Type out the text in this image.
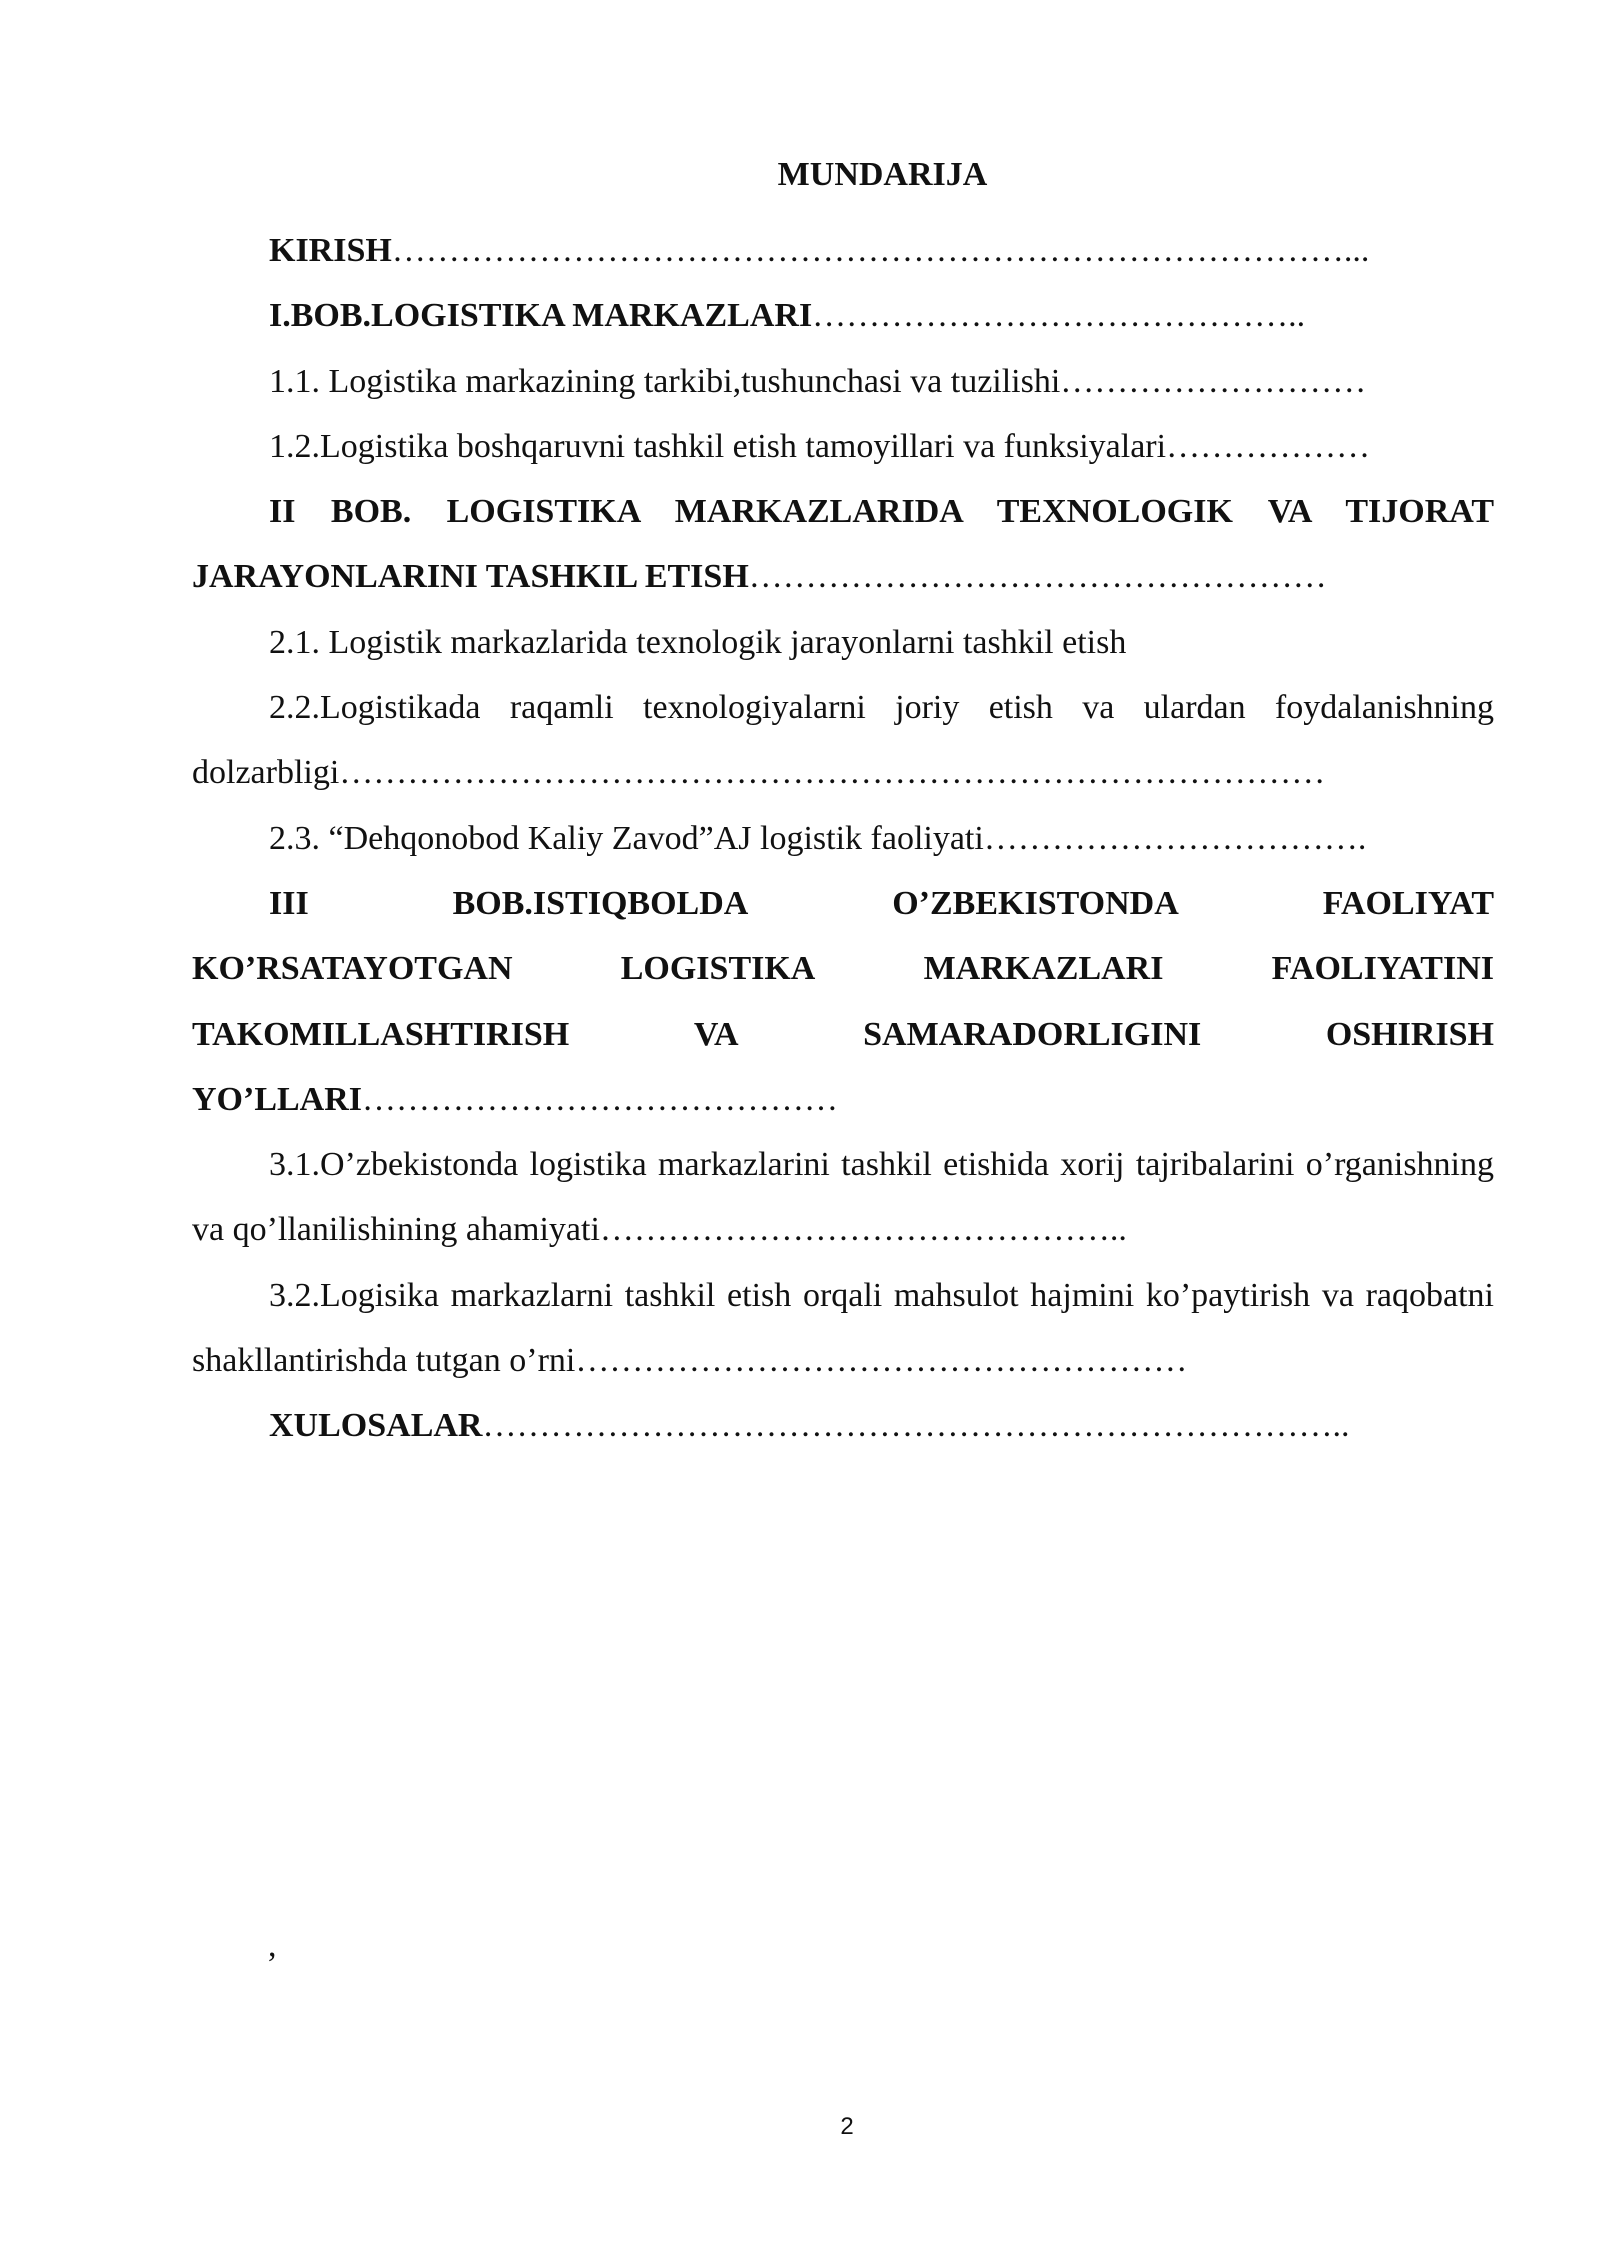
MUNDARIJA

KIRISH…………………………………………………………………………...

I.BOB.LOGISTIKA MARKAZLARI……………………………………..

1.1. Logistika markazining tarkibi,tushunchasi va tuzilishi………………………

1.2.Logistika boshqaruvni tashkil etish tamoyillari va funksiyalari………………

II BOB. LOGISTIKA MARKAZLARIDA TEXNOLOGIK VA TIJORAT JARAYONLARINI TASHKIL ETISH……………………………………………

2.1. Logistik markazlarida texnologik jarayonlarni tashkil etish

2.2.Logistikada raqamli texnologiyalarni joriy etish va ulardan foydalanishning dolzarbligi……………………………………………………………………………

2.3. “Dehqonobod Kaliy Zavod”AJ logistik faoliyati…………………………….

III	BOB.ISTIQBOLDA	O’ZBEKISTONDA	FAOLIYAT
KO’RSATAYOTGAN	LOGISTIKA	MARKAZLARI	FAOLIYATINI
TAKOMILLASHTIRISH	VA	SAMARADORLIGINI	OSHIRISH
YO’LLARI……………………………………

3.1.O’zbekistonda logistika markazlarini tashkil etishida xorij tajribalarini o’rganishning va qo’llanilishining ahamiyati………………………………………..

3.2.Logisika markazlarni tashkil etish orqali mahsulot hajmini ko’paytirish va raqobatni shakllantirishda tutgan o’rni………………………………………………

XULOSALAR…………………………………………………………………..

,

2
